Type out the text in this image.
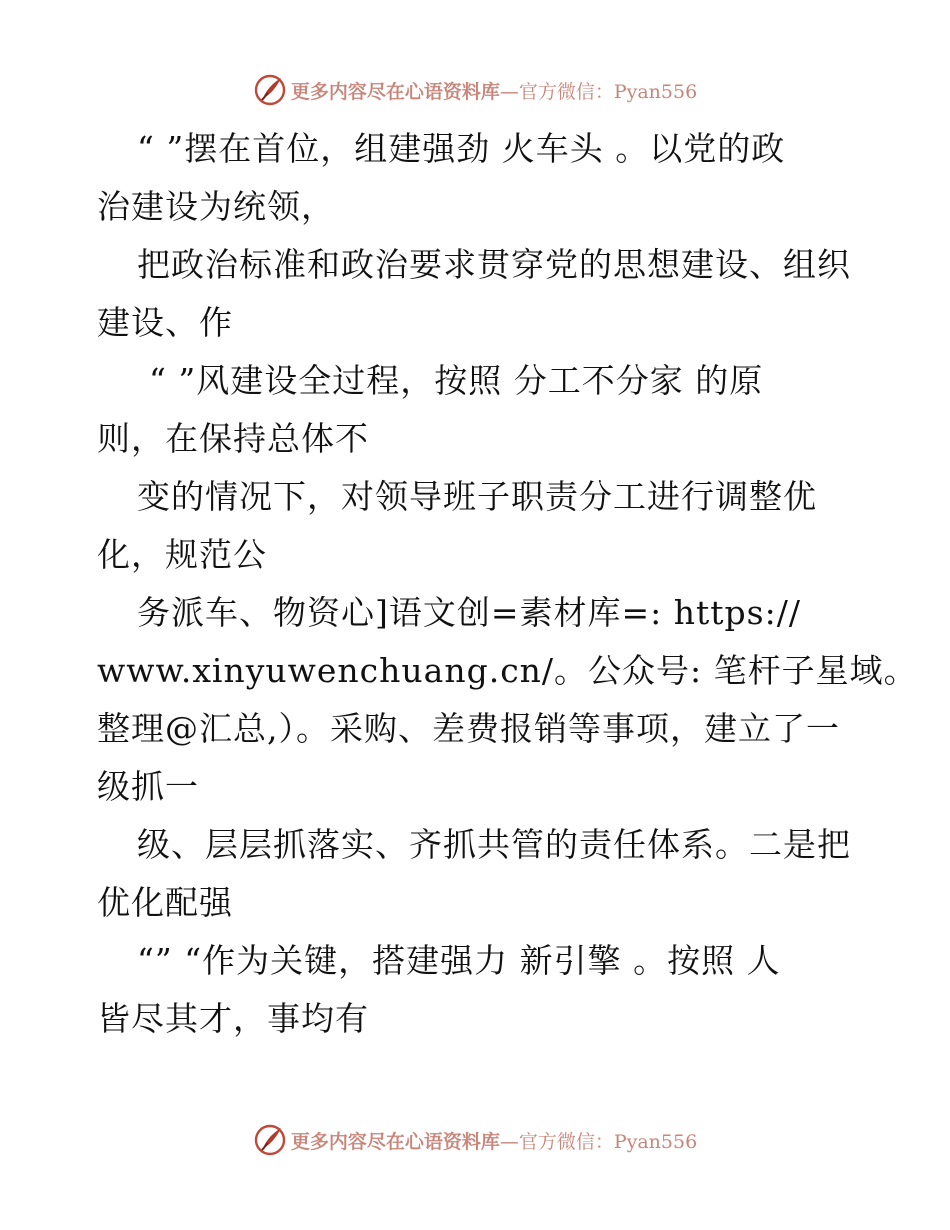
更多内容尽在心语资料库—官方微信：Pyan556
“ ”摆在首位，组建强劲 火车头 。以党的政
治建设为统领，
把政治标准和政治要求贯穿党的思想建设、组织
建设、作
“ ”风建设全过程，按照 分工不分家 的原
则，在保持总体不
变的情况下，对领导班子职责分工进行调整优
化，规范公
务派车、物资心]语文创=素材库=: https://
www.xinyuwenchuang.cn/。公众号: 笔杆子星域。
整理@汇总,）。采购、差费报销等事项，建立了一
级抓一
级、层层抓落实、齐抓共管的责任体系。二是把
优化配强
“” “作为关键，搭建强力 新引擎 。按照 人
皆尽其才，事均有
更多内容尽在心语资料库—官方微信：Pyan556
